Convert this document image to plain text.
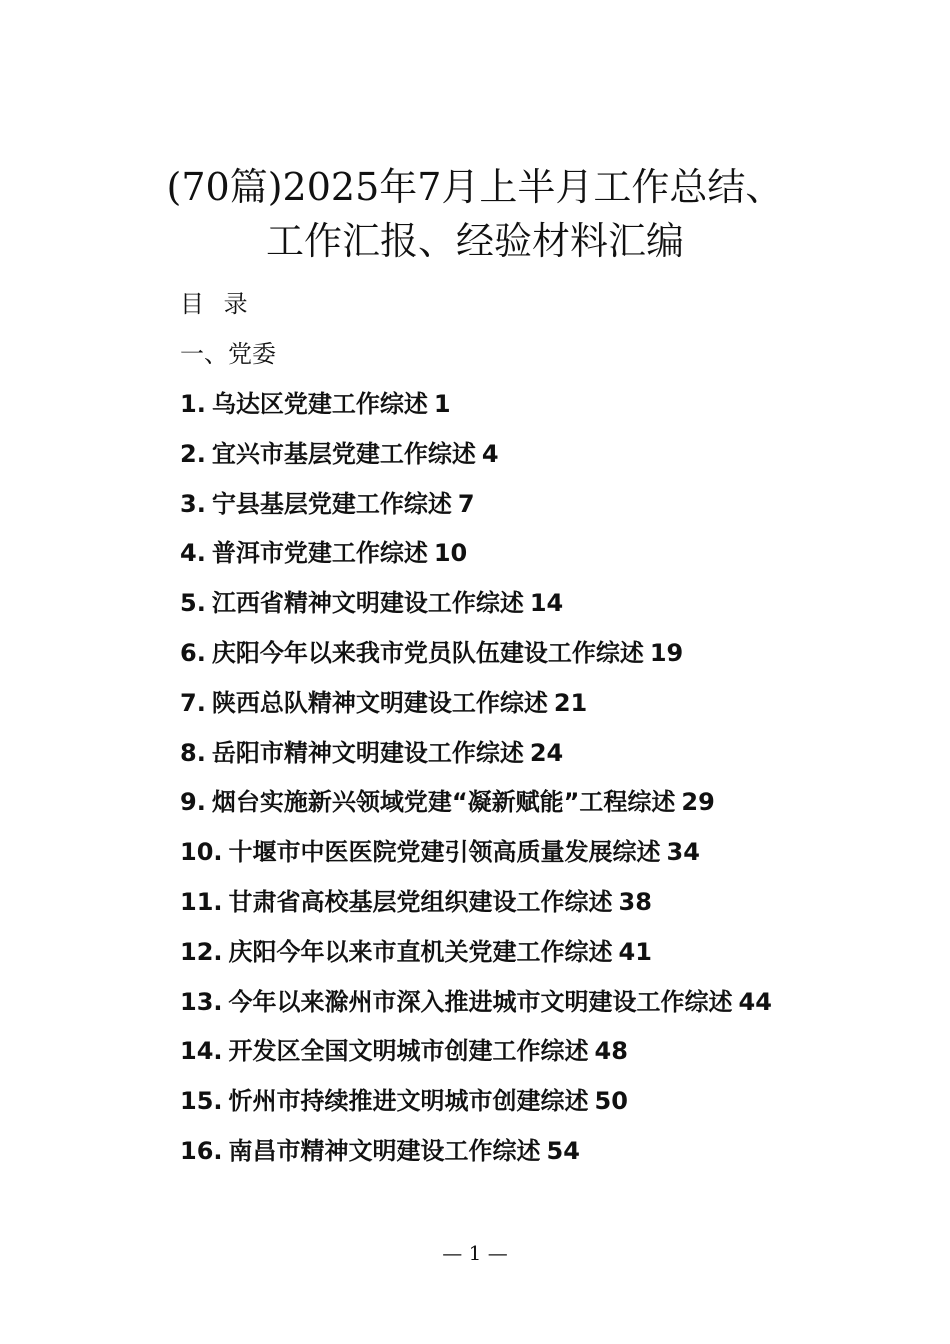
(70篇)2025年7月上半月工作总结、
工作汇报、经验材料汇编
目 录
一、党委
1. 乌达区党建工作综述 1
2. 宜兴市基层党建工作综述 4
3. 宁县基层党建工作综述 7
4. 普洱市党建工作综述 10
5. 江西省精神文明建设工作综述 14
6. 庆阳今年以来我市党员队伍建设工作综述 19
7. 陕西总队精神文明建设工作综述 21
8. 岳阳市精神文明建设工作综述 24
9. 烟台实施新兴领域党建“凝新赋能”工程综述 29
10. 十堰市中医医院党建引领高质量发展综述 34
11. 甘肃省高校基层党组织建设工作综述 38
12. 庆阳今年以来市直机关党建工作综述 41
13. 今年以来滁州市深入推进城市文明建设工作综述 44
14. 开发区全国文明城市创建工作综述 48
15. 忻州市持续推进文明城市创建综述 50
16. 南昌市精神文明建设工作综述 54
— 1 —
